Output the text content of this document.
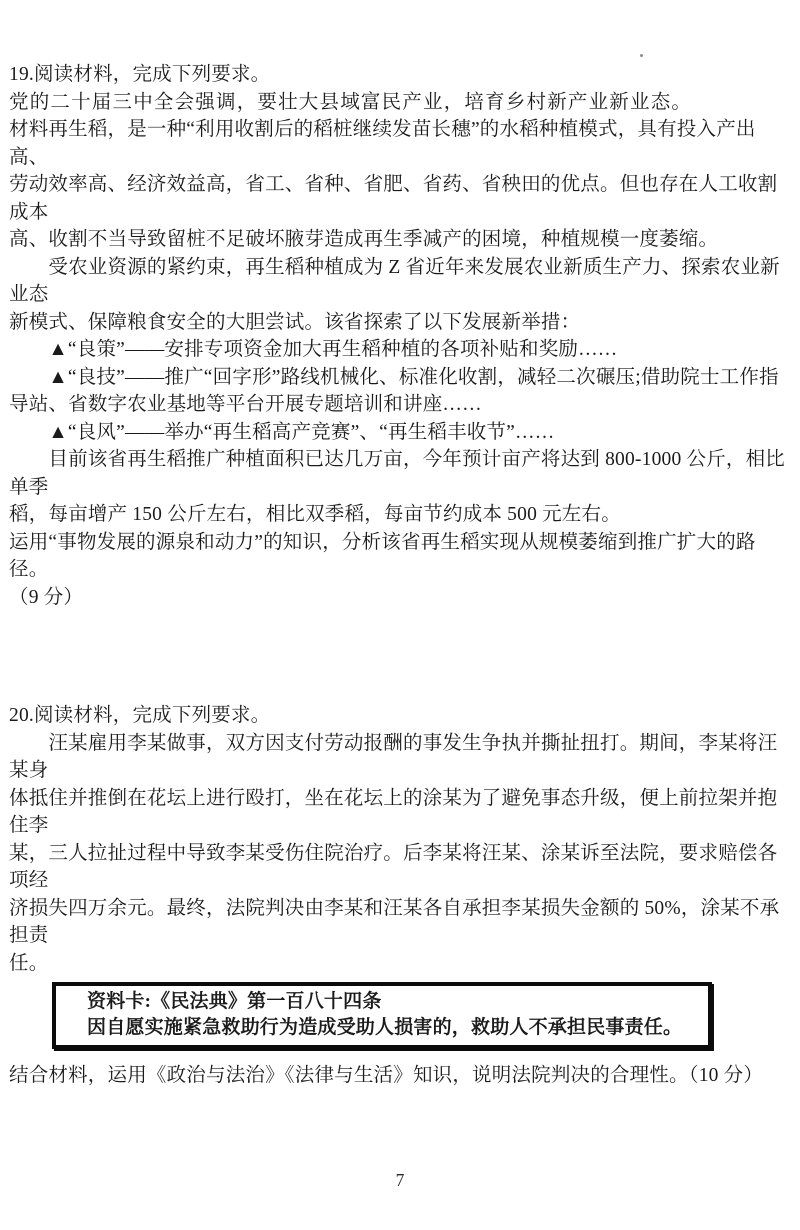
19.阅读材料，完成下列要求。
党的二十届三中全会强调，要壮大县域富民产业，培育乡村新产业新业态。
材料再生稻，是一种“利用收割后的稻桩继续发苗长穗”的水稻种植模式，具有投入产出高、
劳动效率高、经济效益高，省工、省种、省肥、省药、省秧田的优点。但也存在人工收割成本
高、收割不当导致留桩不足破坏腋芽造成再生季减产的困境，种植规模一度萎缩。
　　受农业资源的紧约束，再生稻种植成为 Z 省近年来发展农业新质生产力、探索农业新业态
新模式、保障粮食安全的大胆尝试。该省探索了以下发展新举措：
　　▲“良策”——安排专项资金加大再生稻种植的各项补贴和奖励……
　　▲“良技”——推广“回字形”路线机械化、标准化收割，减轻二次碾压;借助院士工作指
导站、省数字农业基地等平台开展专题培训和讲座……
　　▲“良风”——举办“再生稻高产竞赛”、“再生稻丰收节”……
　　目前该省再生稻推广种植面积已达几万亩，今年预计亩产将达到 800-1000 公斤，相比单季
稻，每亩增产 150 公斤左右，相比双季稻，每亩节约成本 500 元左右。
运用“事物发展的源泉和动力”的知识，分析该省再生稻实现从规模萎缩到推广扩大的路径。
（9 分）
20.阅读材料，完成下列要求。
　　汪某雇用李某做事，双方因支付劳动报酬的事发生争执并撕扯扭打。期间，李某将汪某身
体抵住并推倒在花坛上进行殴打，坐在花坛上的涂某为了避免事态升级，便上前拉架并抱住李
某，三人拉扯过程中导致李某受伤住院治疗。后李某将汪某、涂某诉至法院，要求赔偿各项经
济损失四万余元。最终，法院判决由李某和汪某各自承担李某损失金额的 50%，涂某不承担责
任。
资料卡:《民法典》第一百八十四条
因自愿实施紧急救助行为造成受助人损害的，救助人不承担民事责任。
结合材料，运用《政治与法治》《法律与生活》知识，说明法院判决的合理性。（10 分）
7
